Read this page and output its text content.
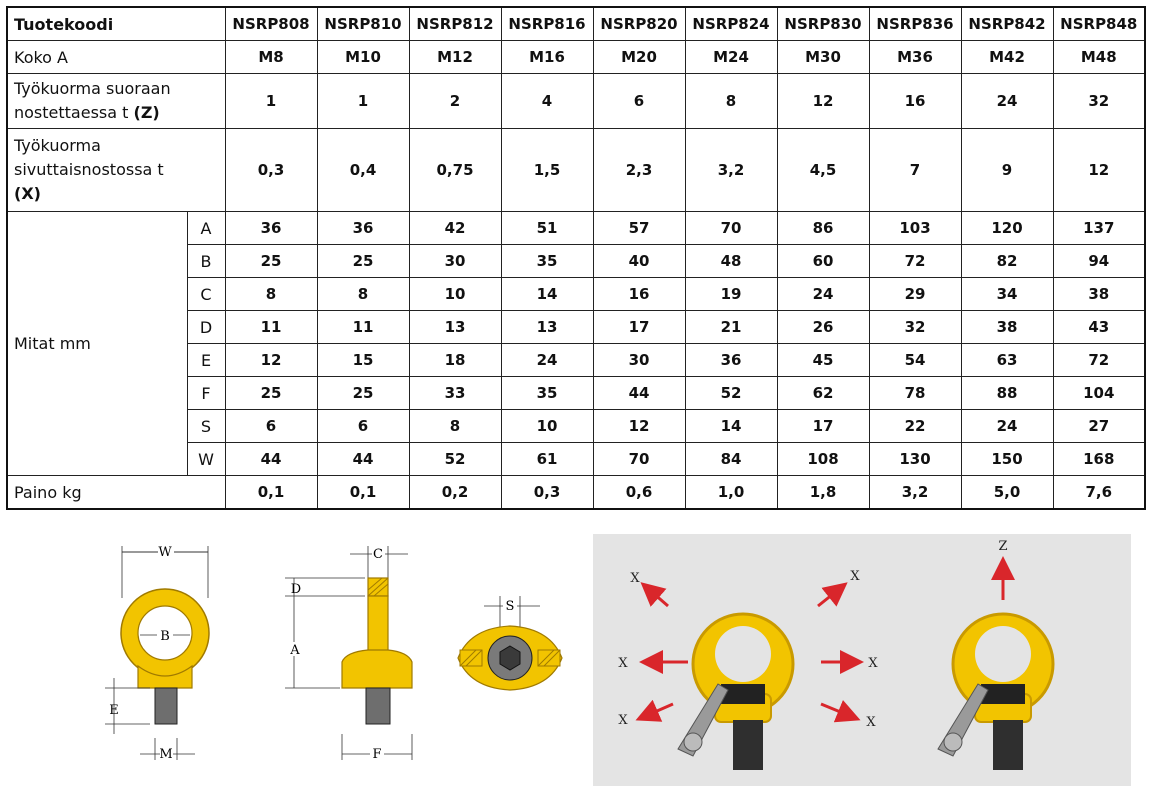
Tuotekoodi		NSRP808	NSRP810	NSRP812	NSRP816	NSRP820	NSRP824	NSRP830	NSRP836	NSRP842	NSRP848
Koko A		M8	M10	M12	M16	M20	M24	M30	M36	M42	M48

Työkuorma suoraan
nostettaessa t (Z)		1	1	2	4	6	8	12	16	24	32

Työkuorma
sivuttaisnostossa t
(X)		0,3	0,4	0,75	1,5	2,3	3,2	4,5	7	9	12
Mitat mm	A	36	36	42	51	57	70	86	103	120	137
	B	25	25	30	35	40	48	60	72	82	94
	C	8	8	10	14	16	19	24	29	34	38
	D	11	11	13	13	17	21	26	32	38	43
	E	12	15	18	24	30	36	45	54	63	72
	F	25	25	33	35	44	52	62	78	88	104
	S	6	6	8	10	12	14	17	22	24	27
	W	44	44	52	61	70	84	108	130	150	168
Paino kg		0,1	0,1	0,2	0,3	0,6	1,0	1,8	3,2	5,0	7,6
W
B
E
M
C
D
A
F
S
X	X
X	X
X	X
Z
